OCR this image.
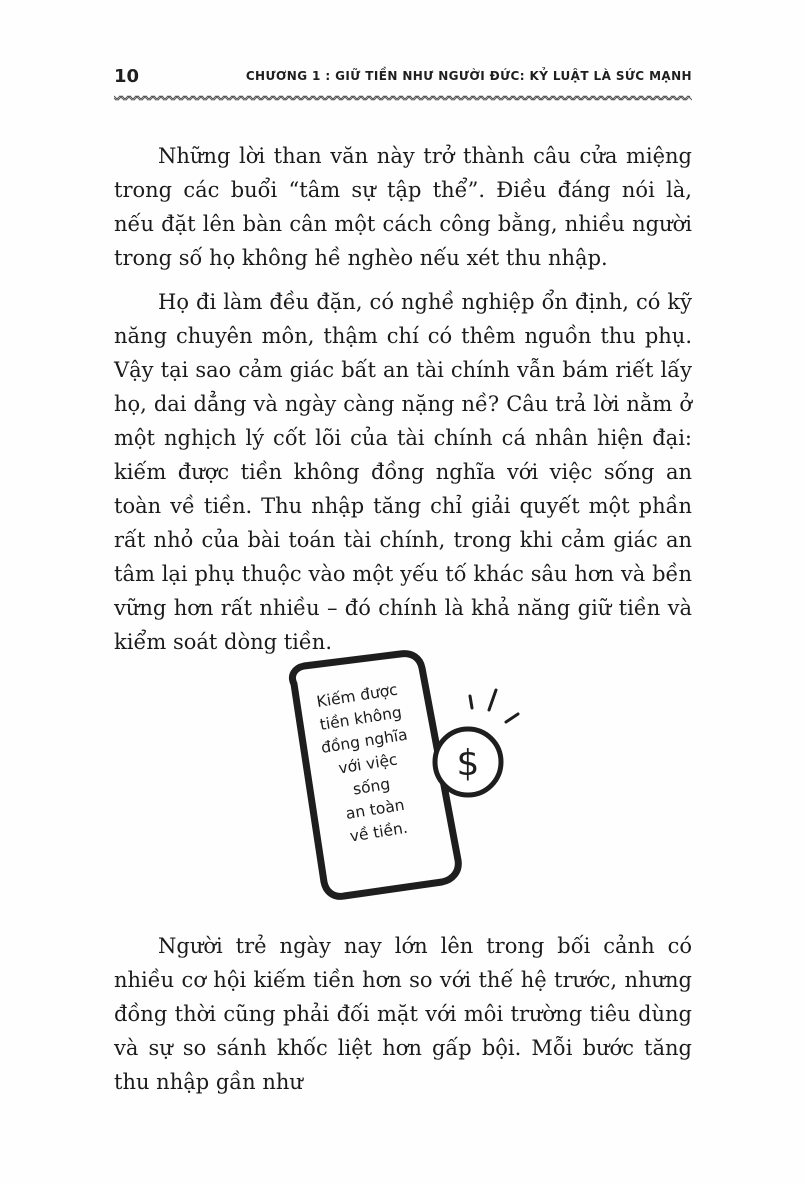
10	CHƯƠNG 1 : GIỮ TIỀN NHƯ NGƯỜI ĐỨC: KỶ LUẬT LÀ SỨC MẠNH

Những lời than văn này trở thành câu cửa miệng trong các buổi “tâm sự tập thể”. Điều đáng nói là, nếu đặt lên bàn cân một cách công bằng, nhiều người trong số họ không hề nghèo nếu xét thu nhập.

Họ đi làm đều đặn, có nghề nghiệp ổn định, có kỹ năng chuyên môn, thậm chí có thêm nguồn thu phụ. Vậy tại sao cảm giác bất an tài chính vẫn bám riết lấy họ, dai dẳng và ngày càng nặng nề? Câu trả lời nằm ở một nghịch lý cốt lõi của tài chính cá nhân hiện đại: kiếm được tiền không đồng nghĩa với việc sống an toàn về tiền. Thu nhập tăng chỉ giải quyết một phần rất nhỏ của bài toán tài chính, trong khi cảm giác an tâm lại phụ thuộc vào một yếu tố khác sâu hơn và bền vững hơn rất nhiều – đó chính là khả năng giữ tiền và kiểm soát dòng tiền.

$
Kiếm được
tiền không
đồng nghĩa
với việc
sống
an toàn
về tiền.

Người trẻ ngày nay lớn lên trong bối cảnh có nhiều cơ hội kiếm tiền hơn so với thế hệ trước, nhưng đồng thời cũng phải đối mặt với môi trường tiêu dùng và sự so sánh khốc liệt hơn gấp bội. Mỗi bước tăng thu nhập gần như
